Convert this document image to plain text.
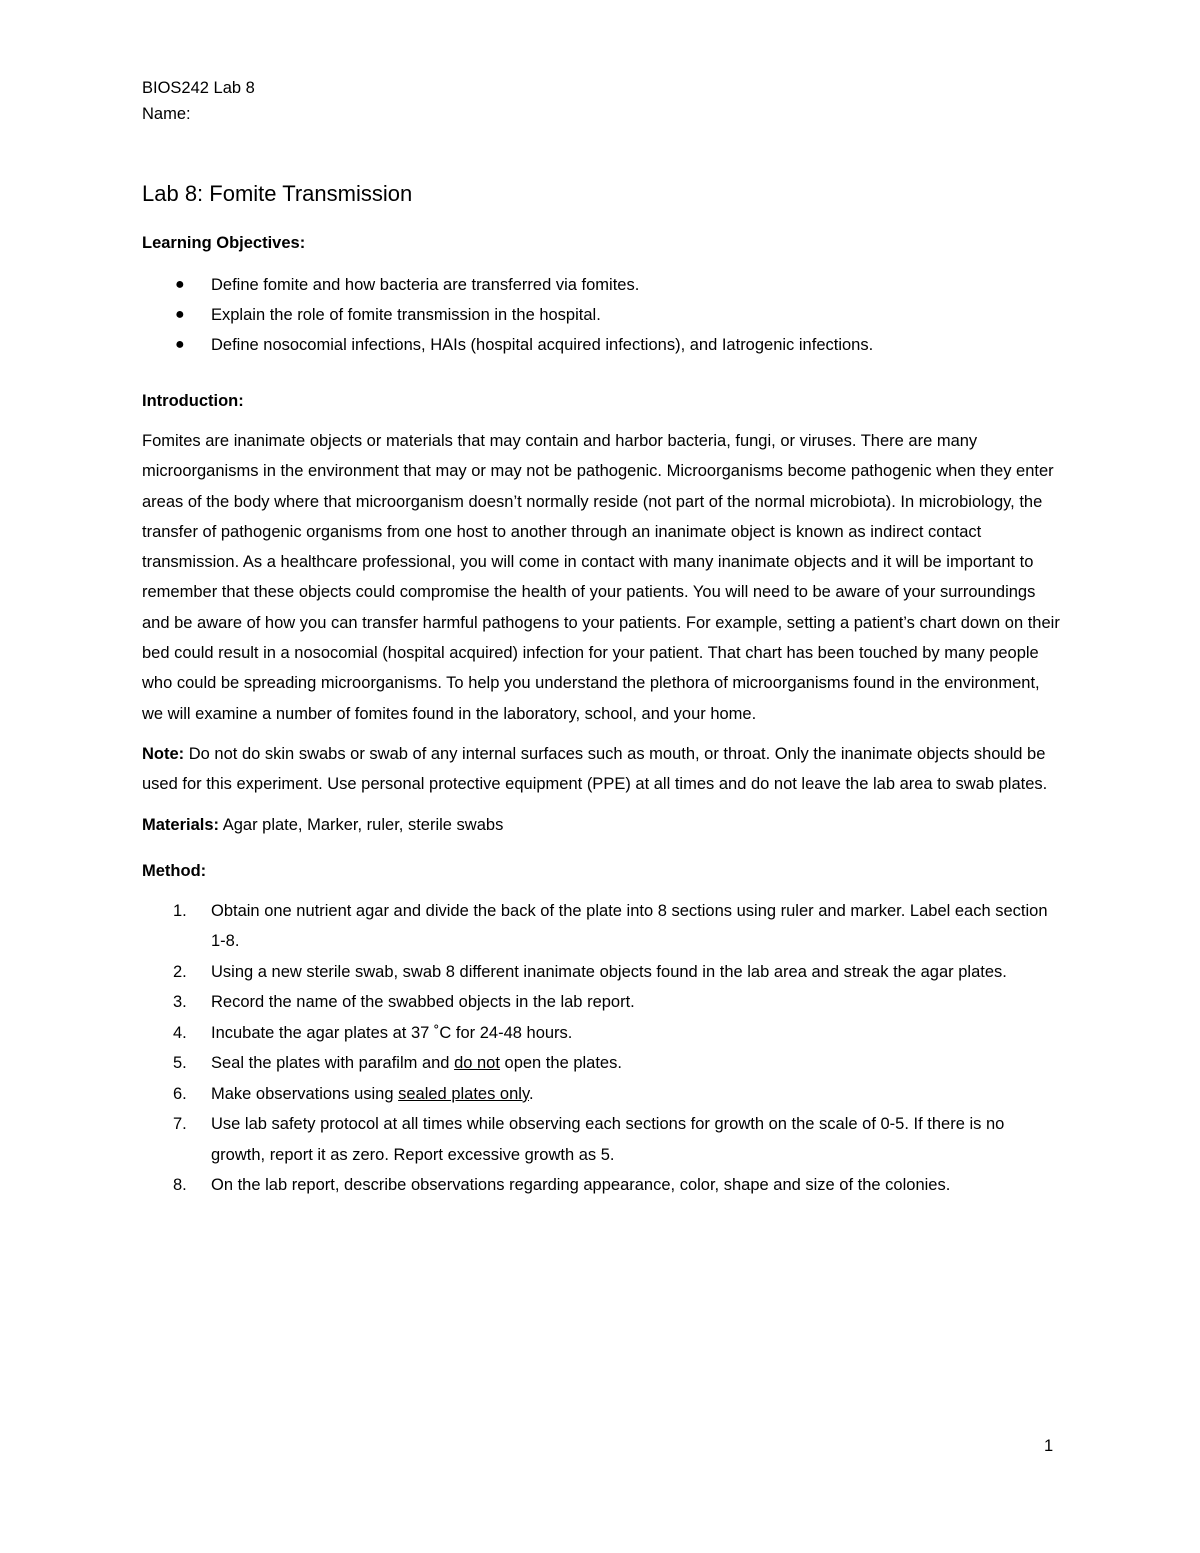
BIOS242 Lab 8

Name:

Lab 8: Fomite Transmission

Learning Objectives:

● Define fomite and how bacteria are transferred via fomites.
● Explain the role of fomite transmission in the hospital.
● Define nosocomial infections, HAIs (hospital acquired infections), and Iatrogenic infections.

Introduction:

Fomites are inanimate objects or materials that may contain and harbor bacteria, fungi, or viruses. There are many microorganisms in the environment that may or may not be pathogenic. Microorganisms become pathogenic when they enter areas of the body where that microorganism doesn’t normally reside (not part of the normal microbiota). In microbiology, the transfer of pathogenic organisms from one host to another through an inanimate object is known as indirect contact transmission. As a healthcare professional, you will come in contact with many inanimate objects and it will be important to remember that these objects could compromise the health of your patients. You will need to be aware of your surroundings and be aware of how you can transfer harmful pathogens to your patients. For example, setting a patient’s chart down on their bed could result in a nosocomial (hospital acquired) infection for your patient. That chart has been touched by many people who could be spreading microorganisms. To help you understand the plethora of microorganisms found in the environment, we will examine a number of fomites found in the laboratory, school, and your home.

Note: Do not do skin swabs or swab of any internal surfaces such as mouth, or throat. Only the inanimate objects should be used for this experiment. Use personal protective equipment (PPE) at all times and do not leave the lab area to swab plates.

Materials: Agar plate, Marker, ruler, sterile swabs

Method:

1. Obtain one nutrient agar and divide the back of the plate into 8 sections using ruler and marker. Label each section 1-8.
2. Using a new sterile swab, swab 8 different inanimate objects found in the lab area and streak the agar plates.
3. Record the name of the swabbed objects in the lab report.
4. Incubate the agar plates at 37 ˚C for 24-48 hours.
5. Seal the plates with parafilm and do not open the plates.
6. Make observations using sealed plates only.
7. Use lab safety protocol at all times while observing each sections for growth on the scale of 0-5. If there is no growth, report it as zero. Report excessive growth as 5.
8. On the lab report, describe observations regarding appearance, color, shape and size of the colonies.
1
